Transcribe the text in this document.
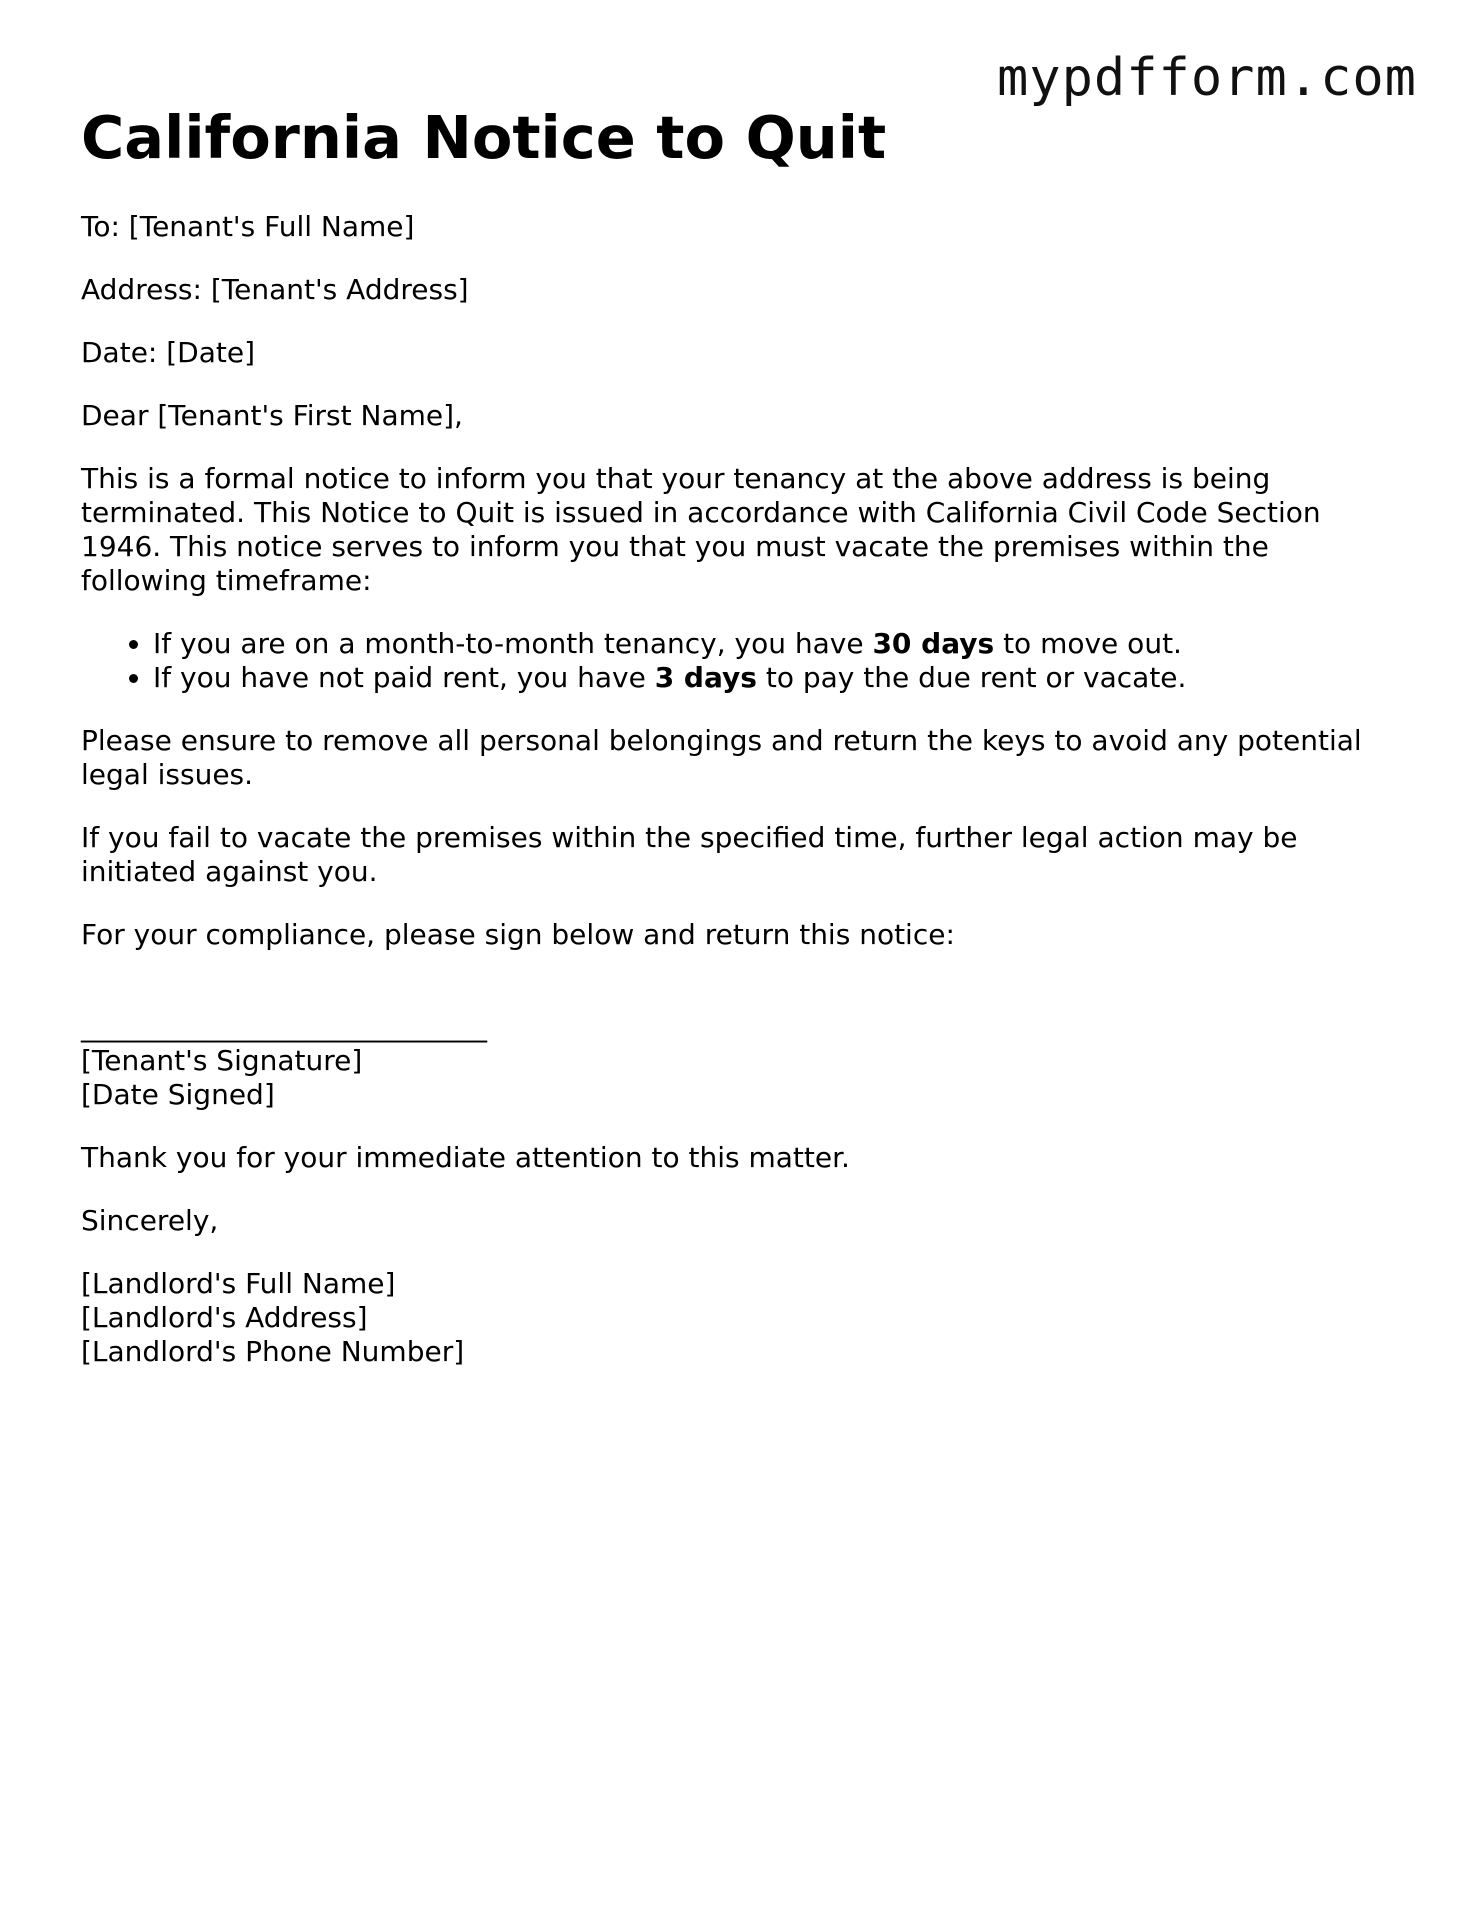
mypdfform.com
California Notice to Quit

To: [Tenant's Full Name]

Address: [Tenant's Address]

Date: [Date]

Dear [Tenant's First Name],

This is a formal notice to inform you that your tenancy at the above address is being terminated. This Notice to Quit is issued in accordance with California Civil Code Section 1946. This notice serves to inform you that you must vacate the premises within the following timeframe:

• If you are on a month-to-month tenancy, you have 30 days to move out.
• If you have not paid rent, you have 3 days to pay the due rent or vacate.

Please ensure to remove all personal belongings and return the keys to avoid any potential legal issues.

If you fail to vacate the premises within the specified time, further legal action may be initiated against you.

For your compliance, please sign below and return this notice:

_____________________________
[Tenant's Signature]
[Date Signed]

Thank you for your immediate attention to this matter.

Sincerely,

[Landlord's Full Name]
[Landlord's Address]
[Landlord's Phone Number]
